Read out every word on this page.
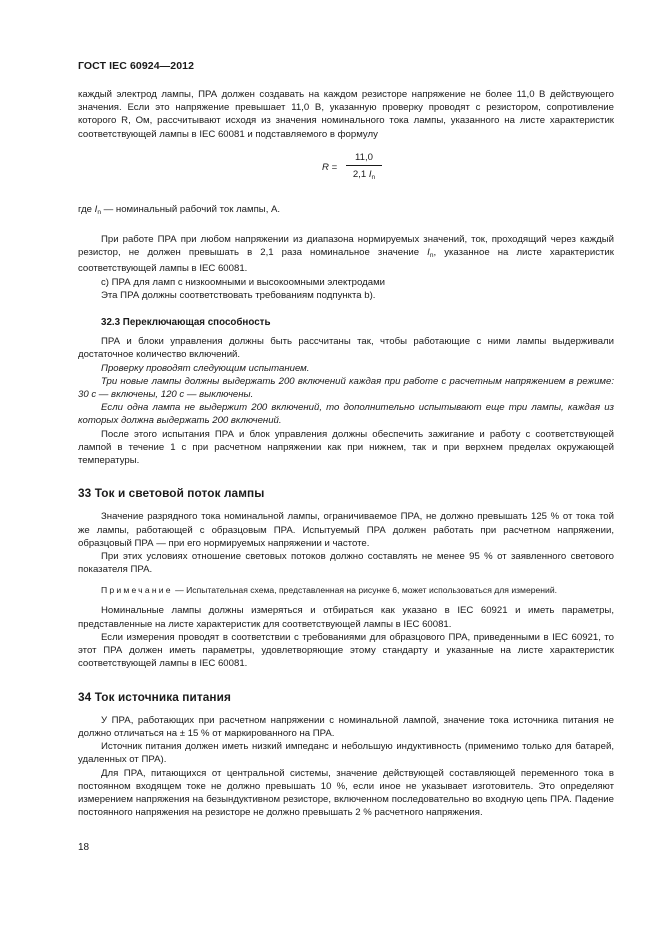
ГОСТ IEC 60924—2012

каждый электрод лампы, ПРА должен создавать на каждом резисторе напряжение не более 11,0 В действующего значения. Если это напряжение превышает 11,0 В, указанную проверку проводят с резистором, сопротивление которого R, Ом, рассчитывают исходя из значения номинального тока лампы, указанного на листе характеристик соответствующей лампы в IEC 60081 и подставляемого в формулу

$R = \frac{11,0}{2,1 I_n}$

где $I_n$ — номинальный рабочий ток лампы, А.

При работе ПРА при любом напряжении из диапазона нормируемых значений, ток, проходящий через каждый резистор, не должен превышать в 2,1 раза номинальное значение $I_n$, указанное на листе характеристик соответствующей лампы в IEC 60081.

c) ПРА для ламп с низкоомными и высокоомными электродами

Эта ПРА должны соответствовать требованиям подпункта b).

32.3 Переключающая способность

ПРА и блоки управления должны быть рассчитаны так, чтобы работающие с ними лампы выдерживали достаточное количество включений.

Проверку проводят следующим испытанием.

Три новые лампы должны выдержать 200 включений каждая при работе с расчетным напряжением в режиме: 30 с — включены, 120 с — выключены.

Если одна лампа не выдержит 200 включений, то дополнительно испытывают еще три лампы, каждая из которых должна выдержать 200 включений.

После этого испытания ПРА и блок управления должны обеспечить зажигание и работу с соответствующей лампой в течение 1 с при расчетном напряжении как при нижнем, так и при верхнем пределах окружающей температуры.

33 Ток и световой поток лампы

Значение разрядного тока номинальной лампы, ограничиваемое ПРА, не должно превышать 125 % от тока той же лампы, работающей с образцовым ПРА. Испытуемый ПРА должен работать при расчетном напряжении, образцовый ПРА — при его нормируемых напряжении и частоте.

При этих условиях отношение световых потоков должно составлять не менее 95 % от заявленного светового показателя ПРА.

Примечание — Испытательная схема, представленная на рисунке 6, может использоваться для измерений.

Номинальные лампы должны измеряться и отбираться как указано в IEC 60921 и иметь параметры, представленные на листе характеристик для соответствующей лампы в IEC 60081.

Если измерения проводят в соответствии с требованиями для образцового ПРА, приведенными в IEC 60921, то этот ПРА должен иметь параметры, удовлетворяющие этому стандарту и указанные на листе характеристик соответствующей лампы в IEC 60081.

34 Ток источника питания

У ПРА, работающих при расчетном напряжении с номинальной лампой, значение тока источника питания не должно отличаться на ± 15 % от маркированного на ПРА.

Источник питания должен иметь низкий импеданс и небольшую индуктивность (применимо только для батарей, удаленных от ПРА).

Для ПРА, питающихся от центральной системы, значение действующей составляющей переменного тока в постоянном входящем токе не должно превышать 10 %, если иное не указывает изготовитель. Это определяют измерением напряжения на безындуктивном резисторе, включенном последовательно во входную цепь ПРА. Падение постоянного напряжения на резисторе не должно превышать 2 % расчетного напряжения.

18
